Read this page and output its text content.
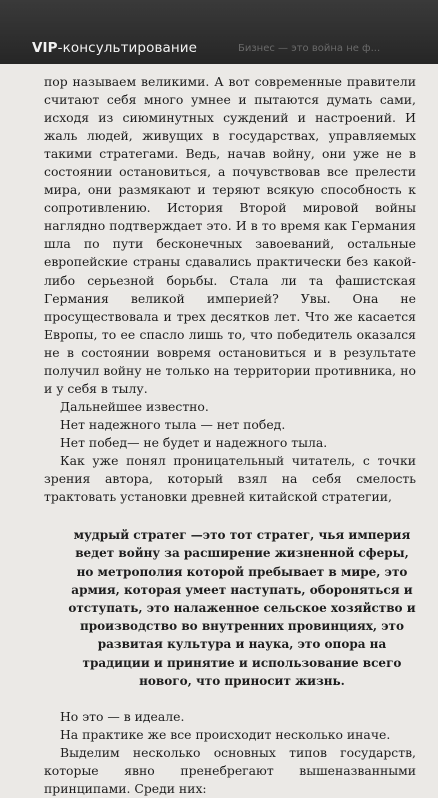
VIP-консультирование	Бизнес — это война не ф...

пор называем великими. А вот современные правители считают себя много умнее и пытаются думать сами, исходя из сиюминутных суждений и настроений. И жаль людей, живущих в государствах, управляемых такими стратегами. Ведь, начав войну, они уже не в состоянии остановиться, а почувствовав все прелести мира, они размякают и теряют всякую способность к сопротивлению. История Второй мировой войны наглядно подтверждает это. И в то время как Германия шла по пути бесконечных завоеваний, остальные европейские страны сдавались практически без какой-либо серьезной борьбы. Стала ли та фашистская Германия великой империей? Увы. Она не просуществовала и трех десятков лет. Что же касается Европы, то ее спасло лишь то, что победитель оказался не в состоянии вовремя остановиться и в результате получил войну не только на территории противника, но и у себя в тылу.

Дальнейшее известно.

Нет надежного тыла — нет побед.

Нет побед— не будет и надежного тыла.

Как уже понял проницательный читатель, с точки зрения автора, который взял на себя смелость трактовать установки древней китайской стратегии,

мудрый стратег —это тот стратег, чья империя ведет войну за расширение жизненной сферы, но метрополия которой пребывает в мире, это армия, которая умеет наступать, обороняться и отступать, это налаженное сельское хозяйство и производство во внутренних провинциях, это развитая культура и наука, это опора на традиции и принятие и использование всего нового, что приносит жизнь.

Но это — в идеале.

На практике же все происходит несколько иначе.

Выделим несколько основных типов государств, которые явно пренебрегают вышеназванными принципами. Среди них:
